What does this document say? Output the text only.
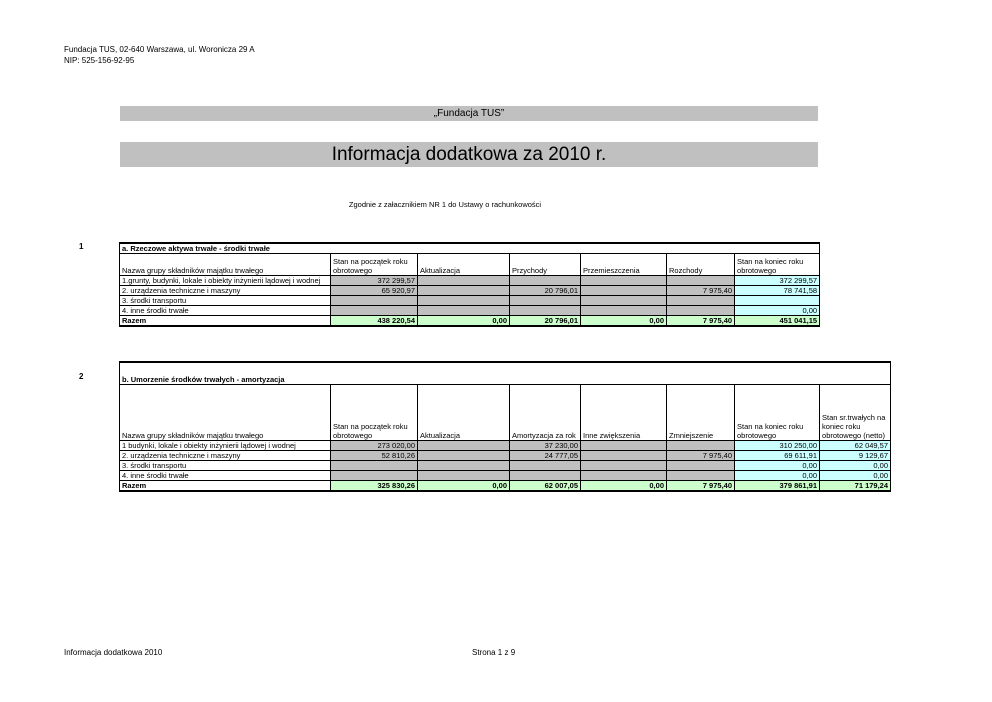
Fundacja TUS, 02-640 Warszawa, ul. Woronicza 29 A
NIP: 525-156-92-95
„Fundacja TUS”
Informacja dodatkowa za 2010 r.
Zgodnie z załacznikiem NR 1 do Ustawy o rachunkowości
1	a. Rzeczowe aktywa trwałe - środki trwałe						
Nazwa grupy składników majątku trwałego	Stan na początek roku obrotowego	Aktualizacja	Przychody	Przemieszczenia	Rozchody	Stan na koniec roku obrotowego
1.grunty, budynki, lokale i obiekty inżynierii lądowej i wodnej	372 299,57					372 299,57
2. urządzenia techniczne i maszyny	65 920,97		20 796,01		7 975,40	78 741,58
3. środki transportu						
4. inne środki trwałe						0,00
Razem	438 220,54	0,00	20 796,01	0,00	7 975,40	451 041,15
2	b. Umorzenie środków trwałych - amortyzacja							
Nazwa grupy składników majątku trwałego	Stan na początek roku obrotowego	Aktualizacja	Amortyzacja za rok	Inne zwiększenia	Zmniejszenie	Stan na koniec roku obrotowego	Stan sr.trwałych na koniec roku obrotowego (netto)
1 budynki, lokale i obiekty inżynierii lądowej i wodnej	273 020,00		37 230,00			310 250,00	62 049,57
2. urządzenia techniczne i maszyny	52 810,26		24 777,05		7 975,40	69 611,91	9 129,67
3. środki transportu						0,00	0,00
4. inne środki trwałe						0,00	0,00
Razem	325 830,26	0,00	62 007,05	0,00	7 975,40	379 861,91	71 179,24
Informacja dodatkowa 2010	Strona 1 z 9
